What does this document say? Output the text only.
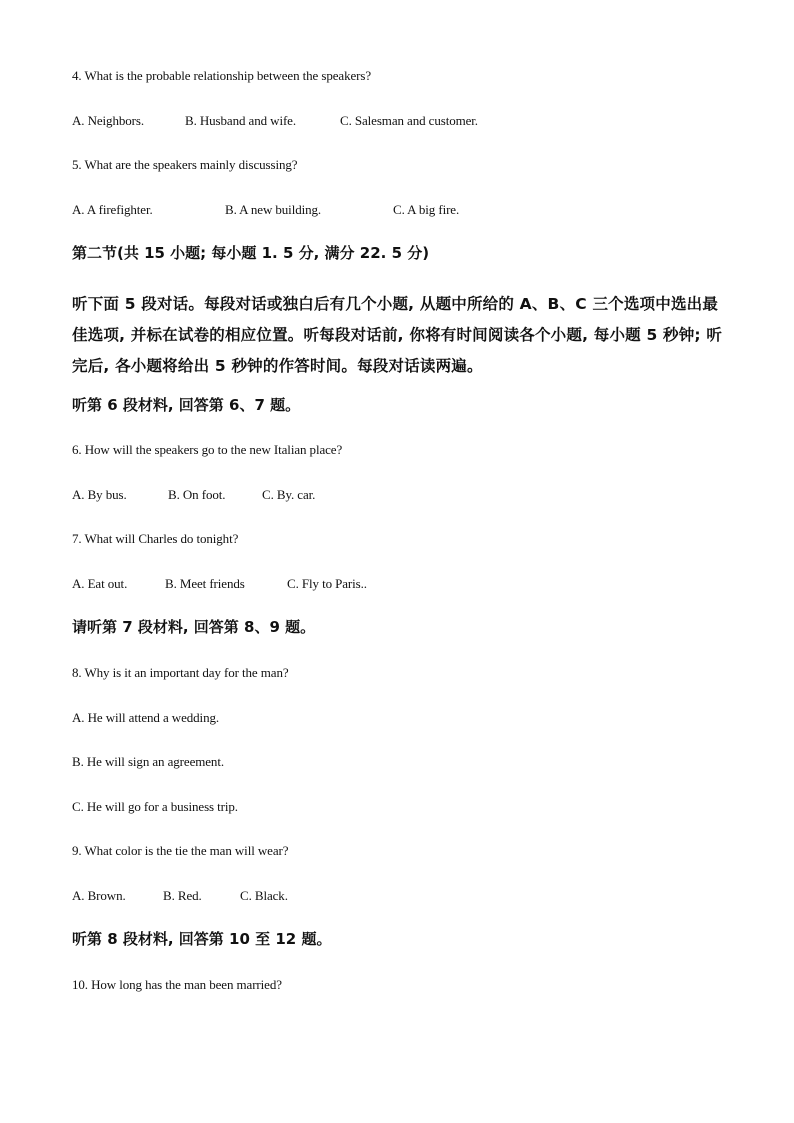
4. What is the probable relationship between the speakers?
A. Neighbors.	B. Husband and wife.	C. Salesman and customer.
5. What are the speakers mainly discussing?
A. A firefighter.	B. A new building.	C. A big fire.
第二节(共 15 小题; 每小题 1. 5 分, 满分 22. 5 分)
听下面 5 段对话。每段对话或独白后有几个小题, 从题中所给的 A、B、C 三个选项中选出最佳选项, 并标在试卷的相应位置。听每段对话前, 你将有时间阅读各个小题, 每小题 5 秒钟; 听完后, 各小题将给出 5 秒钟的作答时间。每段对话读两遍。
听第 6 段材料, 回答第 6、7 题。
6. How will the speakers go to the new Italian place?
A. By bus.	B. On foot.	C. By. car.
7. What will Charles do tonight?
A. Eat out.	B. Meet friends	C. Fly to Paris..
请听第 7 段材料, 回答第 8、9 题。
8. Why is it an important day for the man?
A. He will attend a wedding.
B. He will sign an agreement.
C. He will go for a business trip.
9. What color is the tie the man will wear?
A. Brown.	B. Red.	C. Black.
听第 8 段材料, 回答第 10 至 12 题。
10. How long has the man been married?
